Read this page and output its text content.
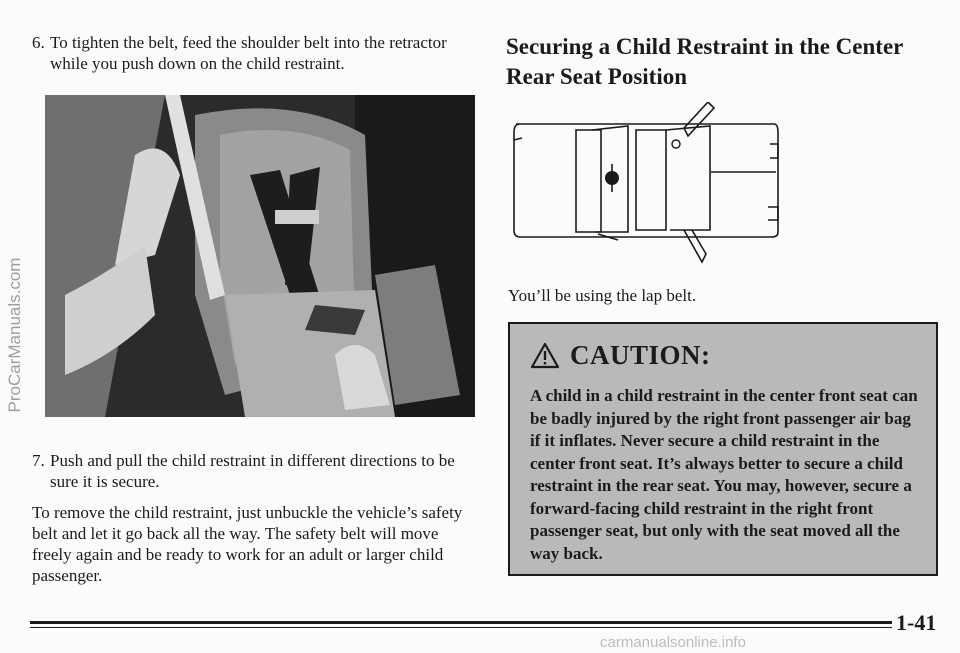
6. To tighten the belt, feed the shoulder belt into the retractor while you push down on the child restraint.
7. Push and pull the child restraint in different directions to be sure it is secure.
To remove the child restraint, just unbuckle the vehicle’s safety belt and let it go back all the way. The safety belt will move freely again and be ready to work for an adult or larger child passenger.
Securing a Child Restraint in the Center Rear Seat Position
You’ll be using the lap belt.
CAUTION:
A child in a child restraint in the center front seat can be badly injured by the right front passenger air bag if it inflates. Never secure a child restraint in the center front seat. It’s always better to secure a child restraint in the rear seat. You may, however, secure a forward-facing child restraint in the right front passenger seat, but only with the seat moved all the way back.
ProCarManuals.com
1-41
carmanualsonline.info
